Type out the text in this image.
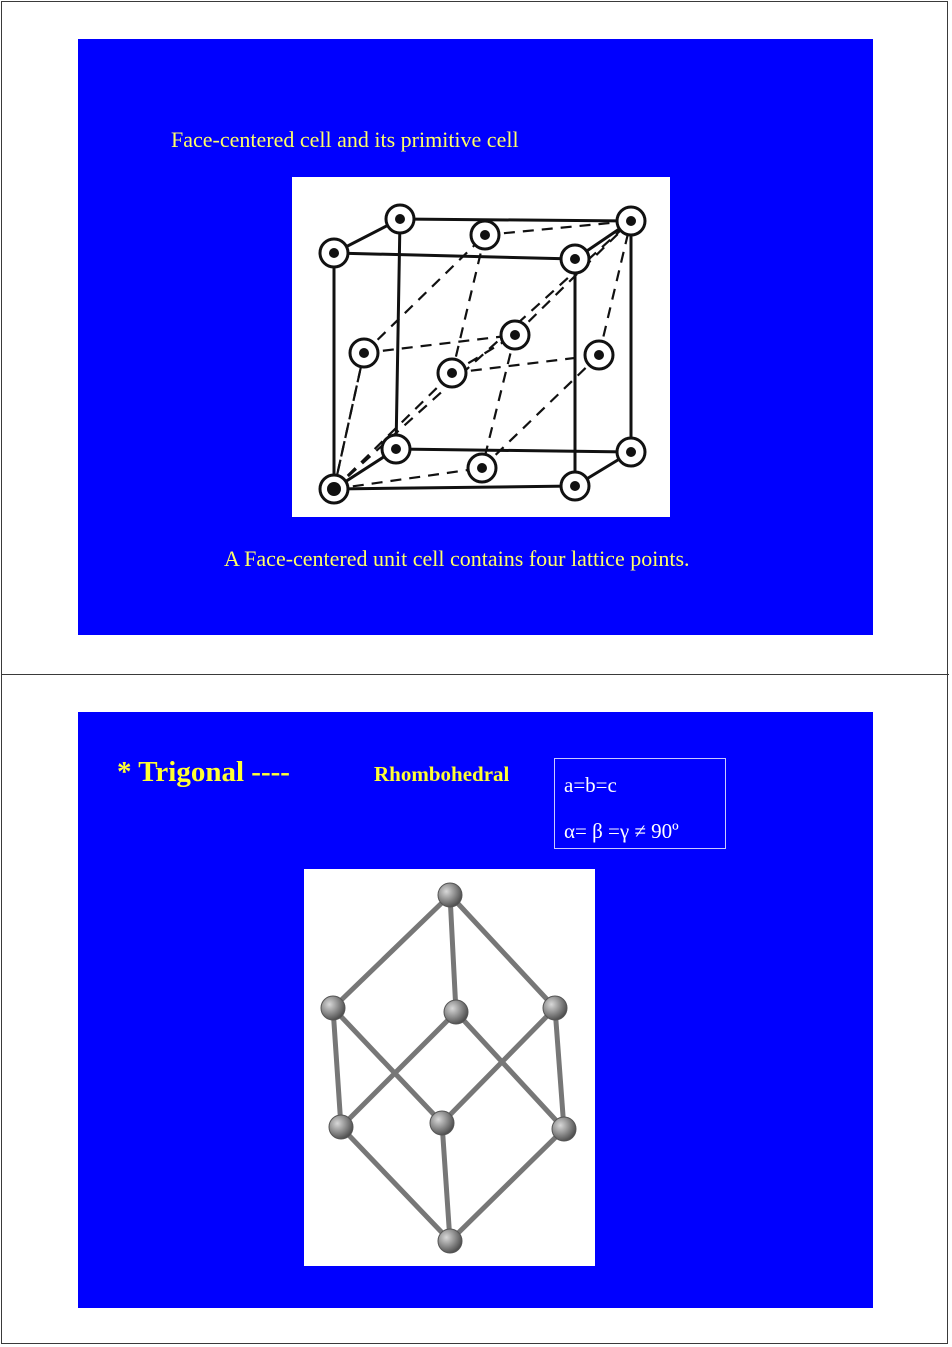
Face-centered cell and its primitive cell
A Face-centered unit cell contains four lattice points.
* Trigonal ----	Rhombohedral	a=b=c
α= β =γ ≠ 90º
